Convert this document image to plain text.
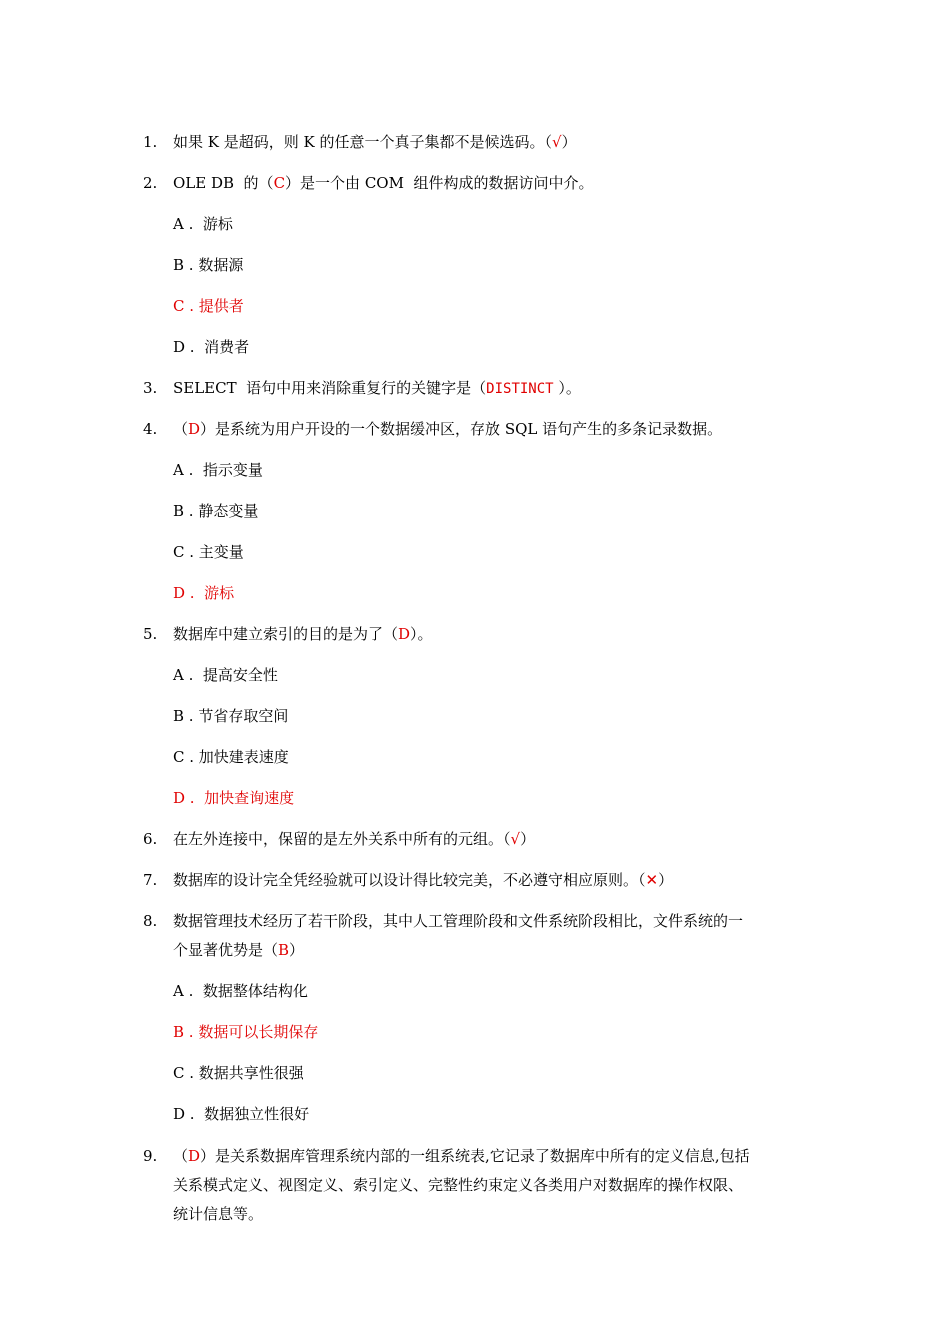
1. 如果 K 是超码，则 K 的任意一个真子集都不是候选码。（√）
2. OLE DB  的（C）是一个由 COM  组件构成的数据访问中介。
A .  游标
B . 数据源
C . 提供者
D .  消费者
3. SELECT  语句中用来消除重复行的关键字是（DISTINCT ）。
4. （D）是系统为用户开设的一个数据缓冲区，存放 SQL 语句产生的多条记录数据。
A .  指示变量
B . 静态变量
C . 主变量
D .  游标
5. 数据库中建立索引的目的是为了（D）。
A .  提高安全性
B . 节省存取空间
C . 加快建表速度
D .  加快查询速度
6. 在左外连接中，保留的是左外关系中所有的元组。（√）
7. 数据库的设计完全凭经验就可以设计得比较完美，不必遵守相应原则。（✕）
8. 数据管理技术经历了若干阶段，其中人工管理阶段和文件系统阶段相比，文件系统的一
个显著优势是（B）
A .  数据整体结构化
B . 数据可以长期保存
C . 数据共享性很强
D .  数据独立性很好
9. （D）是关系数据库管理系统内部的一组系统表,它记录了数据库中所有的定义信息,包括
关系模式定义、视图定义、索引定义、完整性约束定义各类用户对数据库的操作权限、
统计信息等。
